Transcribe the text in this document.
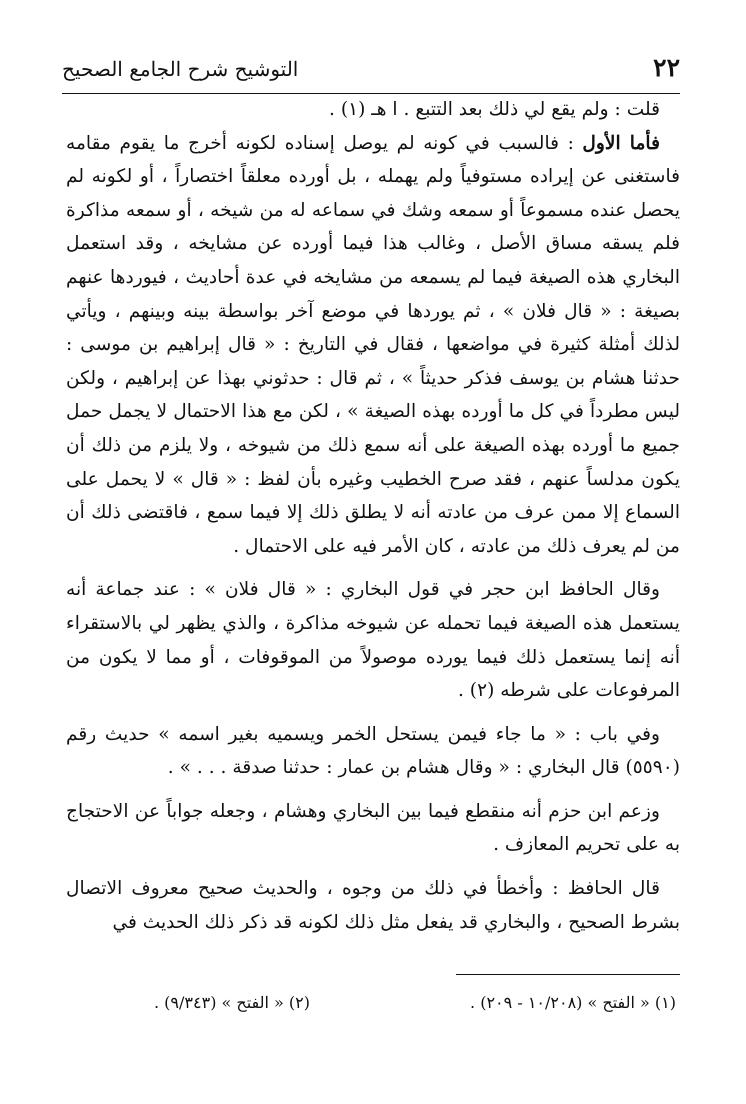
٢٢
التوشيح شرح الجامع الصحيح

قلت : ولم يقع لي ذلك بعد التتبع . ا هـ (١) .

فأما الأول : فالسبب في كونه لم يوصل إسناده لكونه أخرج ما يقوم مقامه فاستغنى عن إيراده مستوفياً ولم يهمله ، بل أورده معلقاً اختصاراً ، أو لكونه لم يحصل عنده مسموعاً أو سمعه وشك في سماعه له من شيخه ، أو سمعه مذاكرة فلم يسقه مساق الأصل ، وغالب هذا فيما أورده عن مشايخه ، وقد استعمل البخاري هذه الصيغة فيما لم يسمعه من مشايخه في عدة أحاديث ، فيوردها عنهم بصيغة : « قال فلان » ، ثم يوردها في موضع آخر بواسطة بينه وبينهم ، ويأتي لذلك أمثلة كثيرة في مواضعها ، فقال في التاريخ : « قال إبراهيم بن موسى : حدثنا هشام بن يوسف فذكر حديثاً » ، ثم قال : حدثوني بهذا عن إبراهيم ، ولكن ليس مطرداً في كل ما أورده بهذه الصيغة » ، لكن مع هذا الاحتمال لا يجمل حمل جميع ما أورده بهذه الصيغة على أنه سمع ذلك من شيوخه ، ولا يلزم من ذلك أن يكون مدلساً عنهم ، فقد صرح الخطيب وغيره بأن لفظ : « قال » لا يحمل على السماع إلا ممن عرف من عادته أنه لا يطلق ذلك إلا فيما سمع ، فاقتضى ذلك أن من لم يعرف ذلك من عادته ، كان الأمر فيه على الاحتمال .

وقال الحافظ ابن حجر في قول البخاري : « قال فلان » : عند جماعة أنه يستعمل هذه الصيغة فيما تحمله عن شيوخه مذاكرة ، والذي يظهر لي بالاستقراء أنه إنما يستعمل ذلك فيما يورده موصولاً من الموقوفات ، أو مما لا يكون من المرفوعات على شرطه (٢) .

وفي باب : « ما جاء فيمن يستحل الخمر ويسميه بغير اسمه » حديث رقم (٥٥٩٠) قال البخاري : « وقال هشام بن عمار : حدثنا صدقة . . . » .

وزعم ابن حزم أنه منقطع فيما بين البخاري وهشام ، وجعله جواباً عن الاحتجاج به على تحريم المعازف .

قال الحافظ : وأخطأ في ذلك من وجوه ، والحديث صحيح معروف الاتصال بشرط الصحيح ، والبخاري قد يفعل مثل ذلك لكونه قد ذكر ذلك الحديث في

(١) « الفتح » (١٠/٢٠٨ - ٢٠٩) .
(٢) « الفتح » (٩/٣٤٣) .
